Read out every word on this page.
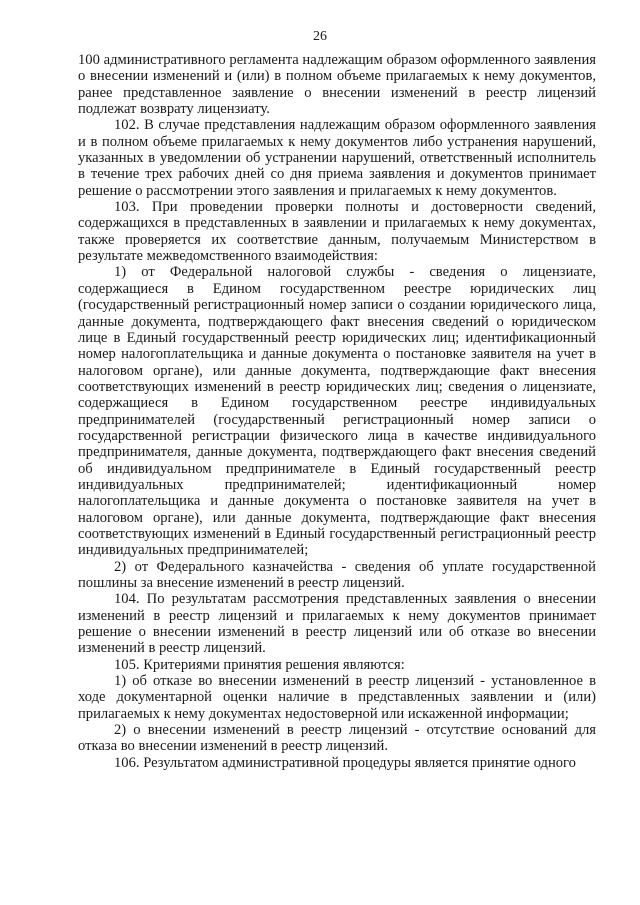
26

100 административного регламента надлежащим образом оформленного заявления о внесении изменений и (или) в полном объеме прилагаемых к нему документов, ранее представленное заявление о внесении изменений в реестр лицензий подлежат возврату лицензиату.

102. В случае представления надлежащим образом оформленного заявления и в полном объеме прилагаемых к нему документов либо устранения нарушений, указанных в уведомлении об устранении нарушений, ответственный исполнитель в течение трех рабочих дней со дня приема заявления и документов принимает решение о рассмотрении этого заявления и прилагаемых к нему документов.

103. При проведении проверки полноты и достоверности сведений, содержащихся в представленных в заявлении и прилагаемых к нему документах, также проверяется их соответствие данным, получаемым Министерством в результате межведомственного взаимодействия:

1) от Федеральной налоговой службы - сведения о лицензиате, содержащиеся в Едином государственном реестре юридических лиц (государственный регистрационный номер записи о создании юридического лица, данные документа, подтверждающего факт внесения сведений о юридическом лице в Единый государственный реестр юридических лиц; идентификационный номер налогоплательщика и данные документа о постановке заявителя на учет в налоговом органе), или данные документа, подтверждающие факт внесения соответствующих изменений в реестр юридических лиц; сведения о лицензиате, содержащиеся в Едином государственном реестре индивидуальных предпринимателей (государственный регистрационный номер записи о государственной регистрации физического лица в качестве индивидуального предпринимателя, данные документа, подтверждающего факт внесения сведений об индивидуальном предпринимателе в Единый государственный реестр индивидуальных предпринимателей; идентификационный номер налогоплательщика и данные документа о постановке заявителя на учет в налоговом органе), или данные документа, подтверждающие факт внесения соответствующих изменений в Единый государственный регистрационный реестр индивидуальных предпринимателей;

2) от Федерального казначейства - сведения об уплате государственной пошлины за внесение изменений в реестр лицензий.

104. По результатам рассмотрения представленных заявления о внесении изменений в реестр лицензий и прилагаемых к нему документов принимает решение о внесении изменений в реестр лицензий или об отказе во внесении изменений в реестр лицензий.

105. Критериями принятия решения являются:

1) об отказе во внесении изменений в реестр лицензий - установленное в ходе документарной оценки наличие в представленных заявлении и (или) прилагаемых к нему документах недостоверной или искаженной информации;

2) о внесении изменений в реестр лицензий - отсутствие оснований для отказа во внесении изменений в реестр лицензий.

106. Результатом административной процедуры является принятие одного
